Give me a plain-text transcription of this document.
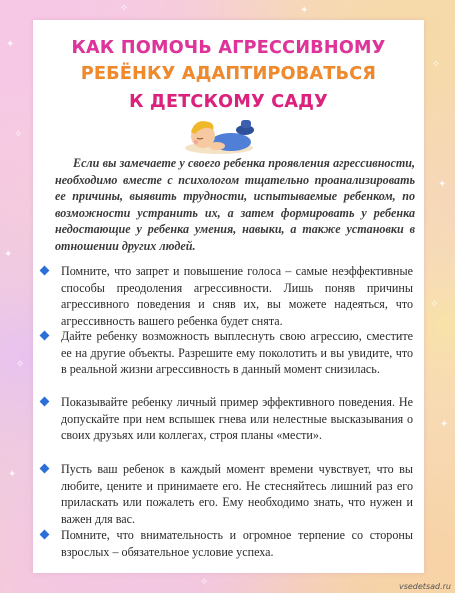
✦
✧
✦
✧
✦
✧
✦
✧
✦
✧	✦
✧
КАК ПОМОЧЬ АГРЕССИВНОМУ
РЕБЁНКУ АДАПТИРОВАТЬСЯ
К ДЕТСКОМУ САДУ
Если вы замечаете у своего ребенка проявления агрессивности, необходимо вместе с психологом тщательно проанализировать ее причины, выявить трудности, испытываемые ребенком, по возможности устранить их, а затем формировать у ребенка недостающие у ребенка умения, навыки, а также установки в отношении других людей.
Помните, что запрет и повышение голоса – самые неэффективные способы преодоления агрессивности. Лишь поняв причины агрессивного поведения и сняв их, вы можете надеяться, что агрессивность вашего ребенка будет снята.
Дайте ребенку возможность выплеснуть свою агрессию, сместите ее на другие объекты. Разрешите ему поколотить и вы увидите, что в реальной жизни агрессивность в данный момент снизилась.
Показывайте ребенку личный пример эффективного поведения. Не допускайте при нем вспышек гнева или нелестные высказывания о своих друзьях или коллегах, строя планы «мести».
Пусть ваш ребенок в каждый момент времени чувствует, что вы любите, цените и принимаете его. Не стесняйтесь лишний раз его приласкать или пожалеть его. Ему необходимо знать, что нужен и важен для вас.
Помните, что внимательность и огромное терпение со стороны взрослых – обязательное условие успеха.
vsedetsad.ru
